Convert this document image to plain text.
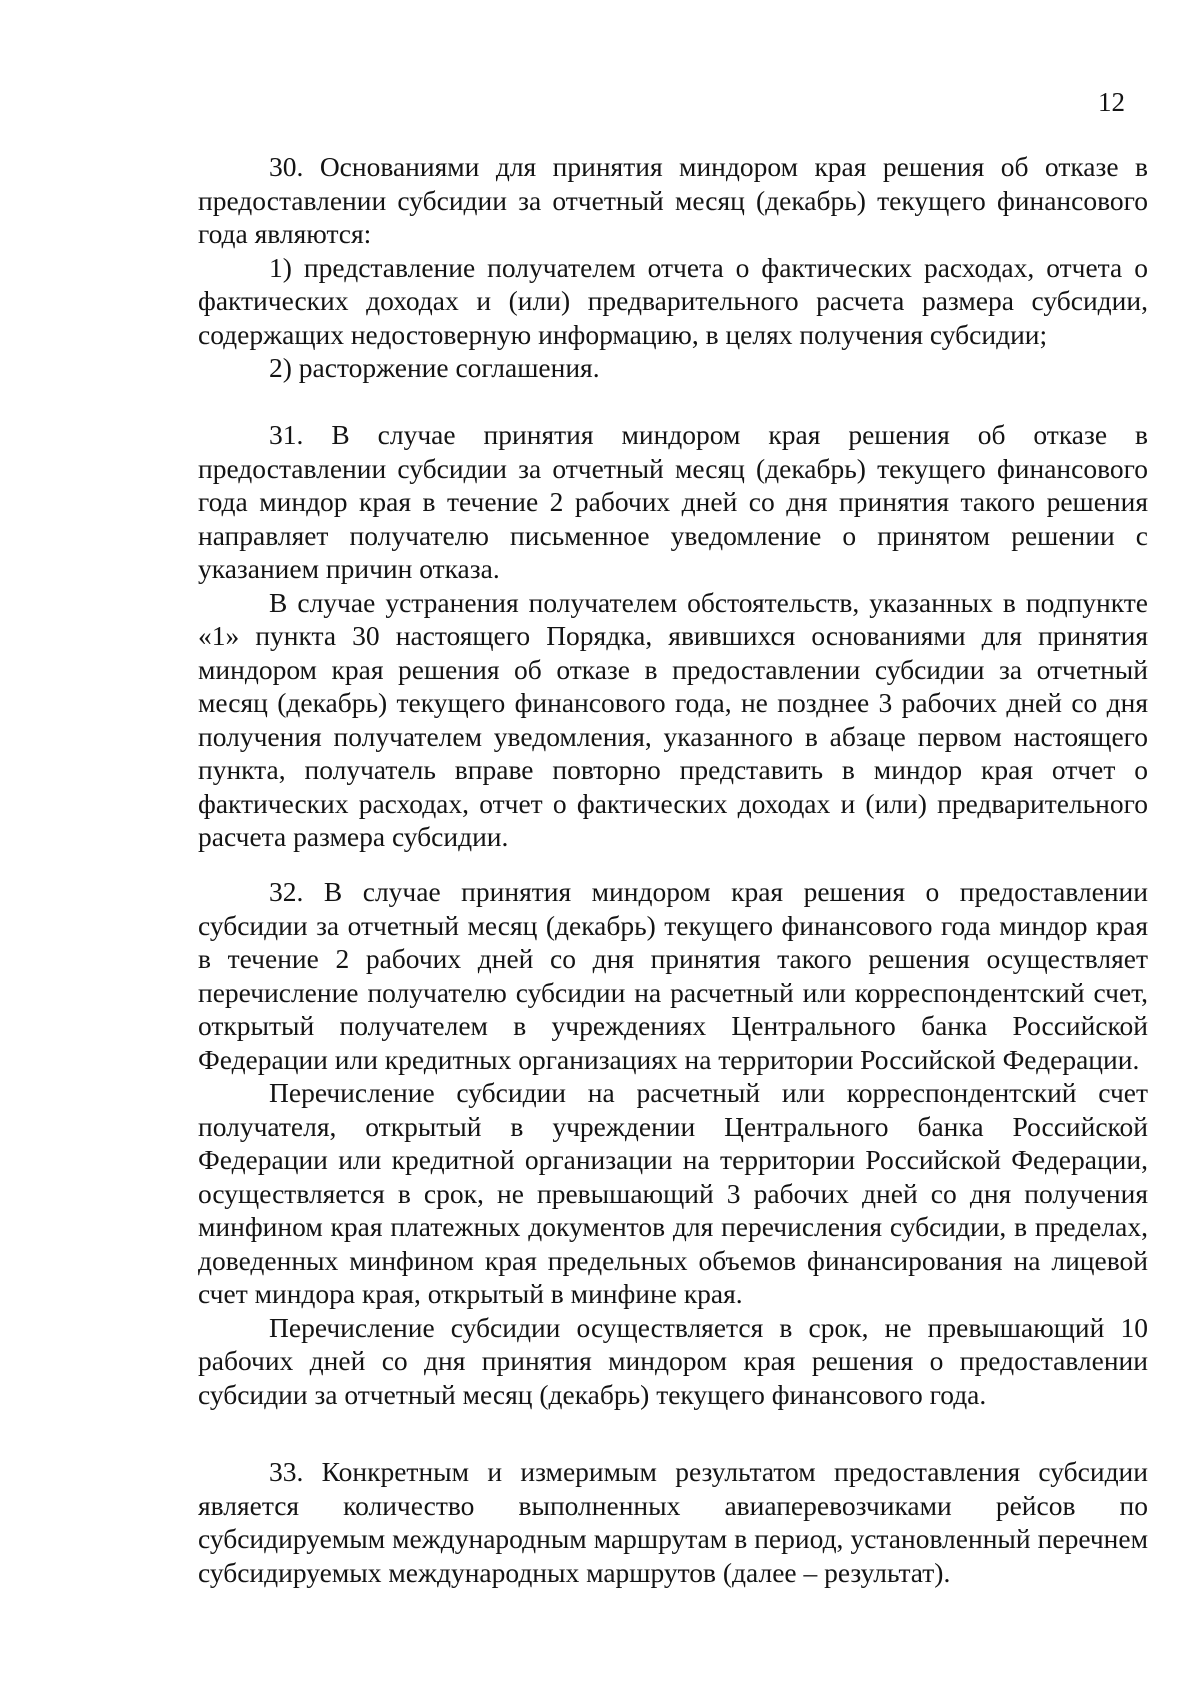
12

30. Основаниями для принятия миндором края решения об отказе в предоставлении субсидии за отчетный месяц (декабрь) текущего финансового года являются:

1) представление получателем отчета о фактических расходах, отчета о фактических доходах и (или) предварительного расчета размера субсидии, содержащих недостоверную информацию, в целях получения субсидии;

2) расторжение соглашения.

31. В случае принятия миндором края решения об отказе в предоставлении субсидии за отчетный месяц (декабрь) текущего финансового года миндор края в течение 2 рабочих дней со дня принятия такого решения направляет получателю письменное уведомление о принятом решении с указанием причин отказа.

В случае устранения получателем обстоятельств, указанных в подпункте «1» пункта 30 настоящего Порядка, явившихся основаниями для принятия миндором края решения об отказе в предоставлении субсидии за отчетный месяц (декабрь) текущего финансового года, не позднее 3 рабочих дней со дня получения получателем уведомления, указанного в абзаце первом настоящего пункта, получатель вправе повторно представить в миндор края отчет о фактических расходах, отчет о фактических доходах и (или) предварительного расчета размера субсидии.

32. В случае принятия миндором края решения о предоставлении субсидии за отчетный месяц (декабрь) текущего финансового года миндор края в течение 2 рабочих дней со дня принятия такого решения осуществляет перечисление получателю субсидии на расчетный или корреспондентский счет, открытый получателем в учреждениях Центрального банка Российской Федерации или кредитных организациях на территории Российской Федерации.

Перечисление субсидии на расчетный или корреспондентский счет получателя, открытый в учреждении Центрального банка Российской Федерации или кредитной организации на территории Российской Федерации, осуществляется в срок, не превышающий 3 рабочих дней со дня получения минфином края платежных документов для перечисления субсидии, в пределах, доведенных минфином края предельных объемов финансирования на лицевой счет миндора края, открытый в минфине края.

Перечисление субсидии осуществляется в срок, не превышающий 10 рабочих дней со дня принятия миндором края решения о предоставлении субсидии за отчетный месяц (декабрь) текущего финансового года.

33. Конкретным и измеримым результатом предоставления субсидии является количество выполненных авиаперевозчиками рейсов по субсидируемым международным маршрутам в период, установленный перечнем субсидируемых международных маршрутов (далее – результат).
